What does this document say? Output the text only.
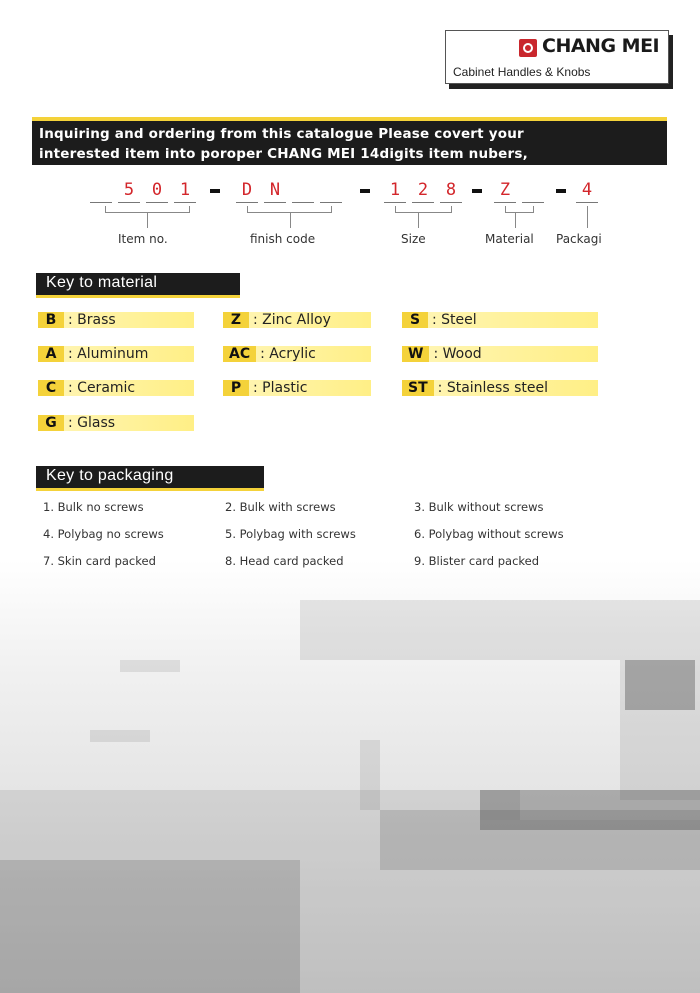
CHANG MEI
Cabinet Handles & Knobs
Inquiring and ordering from this catalogue Please covert your
interested item into poroper CHANG MEI 14digits item nubers,
5	0	1	D	N	1	2	8	Z	4
Item no.	finish code	Size	Material Packagi
Key to material
B : Brass	Z : Zinc Alloy	S : Steel
A : Aluminum	AC : Acrylic	W : Wood
C : Ceramic	P : Plastic	ST : Stainless steel
G : Glass
Key to packaging
1. Bulk no screws	2. Bulk with screws	3. Bulk without screws
4. Polybag no screws	5. Polybag with screws	6. Polybag without screws
7. Skin card packed	8. Head card packed	9. Blister card packed
